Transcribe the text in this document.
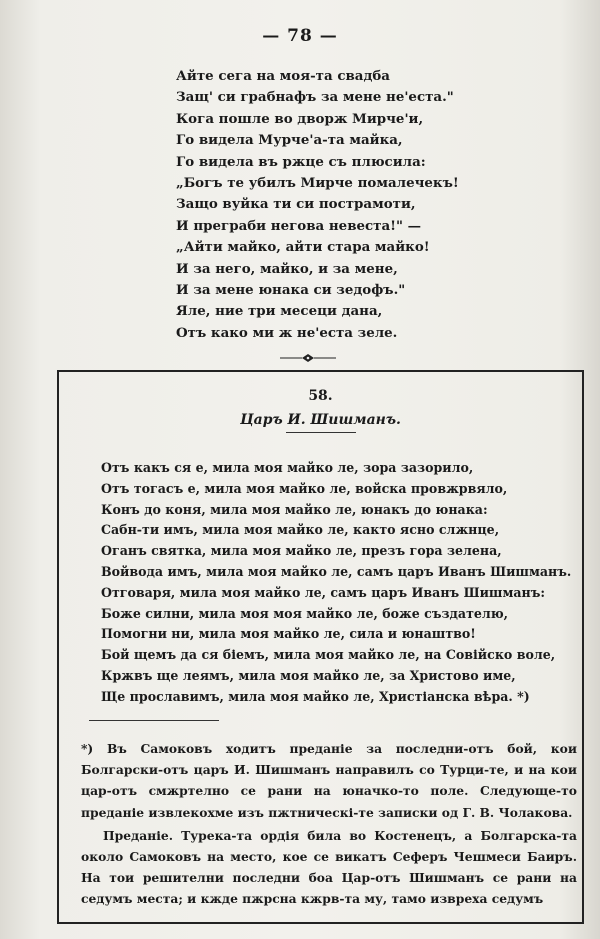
— 78 —
Айте сега на моя-та свадба
Защ' си грабнафъ за мене не'еста."
Кога пошле во дворж Мирче'и,
Го видела Мурче'а-та майка,
Го видела въ ржце съ плюсила:
„Богъ те убилъ Мирче помалечекъ!
Защо вуйка ти си пострамоти,
И преграби негова невеста!" —
„Айти майко, айти стара майко!
И за него, майко, и за мене,
И за мене юнака си зедофъ."
Яле, ние три месеци дана,
Отъ како ми ж не'еста зеле.
58.
Царъ И. Шишманъ.
Отъ какъ ся е, мила моя майко ле, зора зазорило,
Отъ тогасъ е, мила моя майко ле, войска провжрвяло,
Конъ до коня, мила моя майко ле, юнакъ до юнака:
Сабн-ти имъ, мила моя майко ле, както ясно слжнце,
Оганъ святка, мила моя майко ле, презъ гора зелена,
Войвода имъ, мила моя майко ле, самъ царъ Иванъ Шишманъ.
Отговаря, мила моя майко ле, самъ царъ Иванъ Шишманъ:
Боже силни, мила моя моя майко ле, боже създателю,
Помогни ни, мила моя майко ле, сила и юнаштво!
Бой щемъ да ся біемъ, мила моя майко ле, на Совійско воле,
Кржвъ ще леямъ, мила моя майко ле, за Христово име,
Ще прославимъ, мила моя майко ле, Христіанска вѣра. *)

*) Въ Самоковъ ходитъ преданіе за последни-отъ бой, кои Болгарски-отъ царъ И. Шишманъ направилъ со Турци-те, и на кои цар-отъ смжртелно се рани на юначко-то поле. Следующе-то преданіе извлекохме изъ пжтническі-те записки од Г. В. Чолакова.

Преданіе. Турека-та ордія била во Костенецъ, а Болгарска-та около Самоковъ на место, кое се викатъ Сеферъ Чешмеси Баиръ. На тои решителни последни боа Цар-отъ Шишманъ се рани на седумъ места; и кжде пжрсна кжрв-та му, тамо извреха седумъ
